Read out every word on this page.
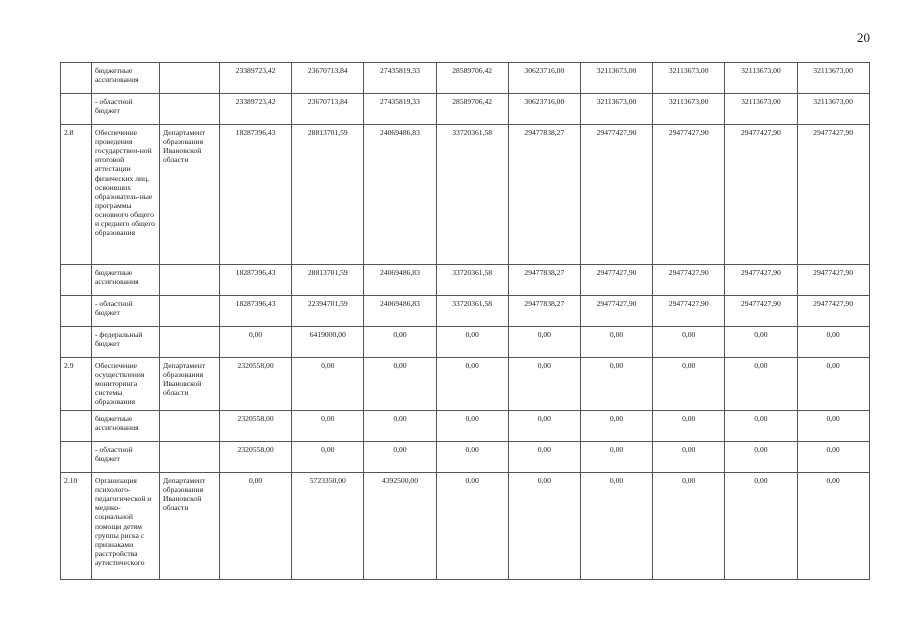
20
	бюджетные ассигнования		23389723,42	23670713,84	27435819,33	28589706,42	30623716,00	32113673,00	32113673,00	32113673,00	32113673,00
	- областной бюджет		23389723,42	23670713,84	27435819,33	28589706,42	30623716,00	32113673,00	32113673,00	32113673,00	32113673,00
2.8	Обеспечение проведения государствен-ной итоговой аттестации физических лиц, освоивших образователь-ные программы основного общего и среднего общего образования	Департамент образования Ивановской области	18287396,43	28813701,59	24069486,83	33720361,58	29477838,27	29477427,90	29477427,90	29477427,90	29477427,90
	бюджетные ассигнования		18287396,43	28813701,59	24069486,83	33720361,58	29477838,27	29477427,90	29477427,90	29477427,90	29477427,90
	- областной бюджет		18287396,43	22394701,59	24069486,83	33720361,58	29477838,27	29477427,90	29477427,90	29477427,90	29477427,90
	- федеральный бюджет		0,00	6419000,00	0,00	0,00	0,00	0,00	0,00	0,00	0,00
2.9	Обеспечение осуществления мониторинга системы образования	Департамент образования Ивановской области	2320558,00	0,00	0,00	0,00	0,00	0,00	0,00	0,00	0,00
	бюджетные ассигнования		2320558,00	0,00	0,00	0,00	0,00	0,00	0,00	0,00	0,00
	- областной бюджет		2320558,00	0,00	0,00	0,00	0,00	0,00	0,00	0,00	0,00
2.10	Организация психолого-педагогической и медико-социальной помощи детям группы риска с признаками расстройства аутистического	Департамент образования Ивановской области	0,00	5723350,00	4392500,00	0,00	0,00	0,00	0,00	0,00	0,00
